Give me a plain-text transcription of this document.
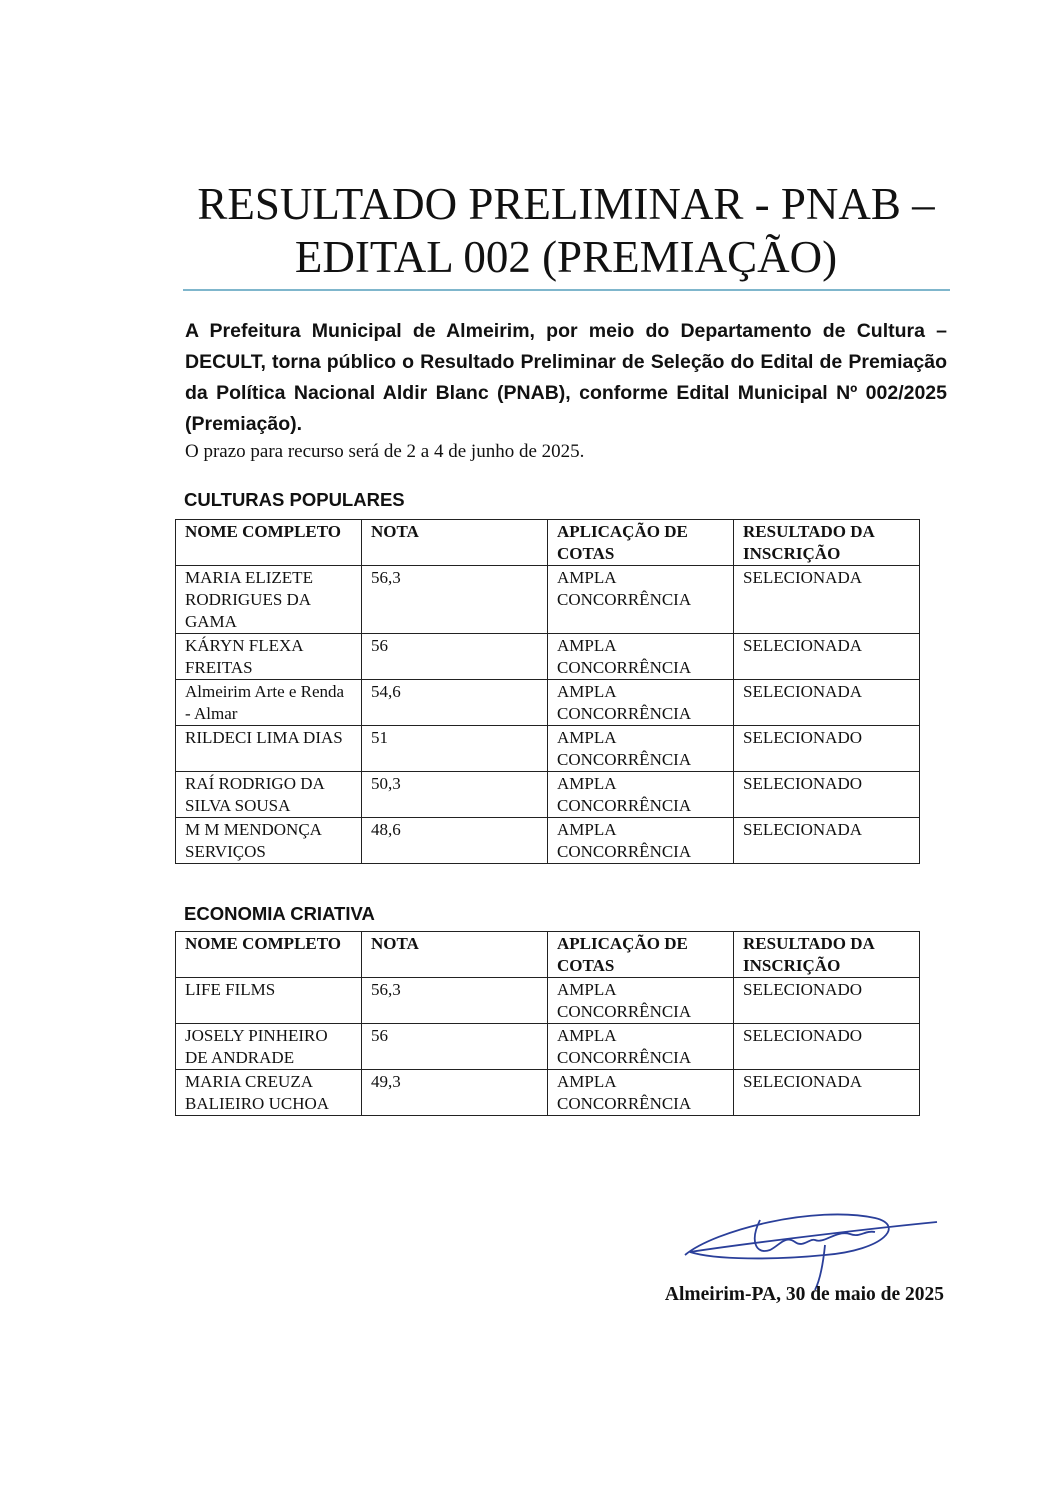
RESULTADO PRELIMINAR - PNAB –
EDITAL 002 (PREMIAÇÃO)

A Prefeitura Municipal de Almeirim, por meio do Departamento de Cultura – DECULT, torna público o Resultado Preliminar de Seleção do Edital de Premiação da Política Nacional Aldir Blanc (PNAB), conforme Edital Municipal Nº 002/2025 (Premiação).

O prazo para recurso será de 2 a 4 de junho de 2025.

CULTURAS POPULARES

NOME COMPLETO	NOTA	APLICAÇÃO DE COTAS	RESULTADO DA INSCRIÇÃO
MARIA ELIZETE RODRIGUES DA GAMA	56,3	AMPLA CONCORRÊNCIA	SELECIONADA
KÁRYN FLEXA FREITAS	56	AMPLA CONCORRÊNCIA	SELECIONADA
Almeirim Arte e Renda - Almar	54,6	AMPLA CONCORRÊNCIA	SELECIONADA
RILDECI LIMA DIAS	51	AMPLA CONCORRÊNCIA	SELECIONADO
RAÍ RODRIGO DA SILVA SOUSA	50,3	AMPLA CONCORRÊNCIA	SELECIONADO
M M MENDONÇA SERVIÇOS	48,6	AMPLA CONCORRÊNCIA	SELECIONADA

ECONOMIA CRIATIVA

NOME COMPLETO	NOTA	APLICAÇÃO DE COTAS	RESULTADO DA INSCRIÇÃO
LIFE FILMS	56,3	AMPLA CONCORRÊNCIA	SELECIONADO
JOSELY PINHEIRO DE ANDRADE	56	AMPLA CONCORRÊNCIA	SELECIONADO
MARIA CREUZA BALIEIRO UCHOA	49,3	AMPLA CONCORRÊNCIA	SELECIONADA

Almeirim-PA, 30 de maio de 2025
